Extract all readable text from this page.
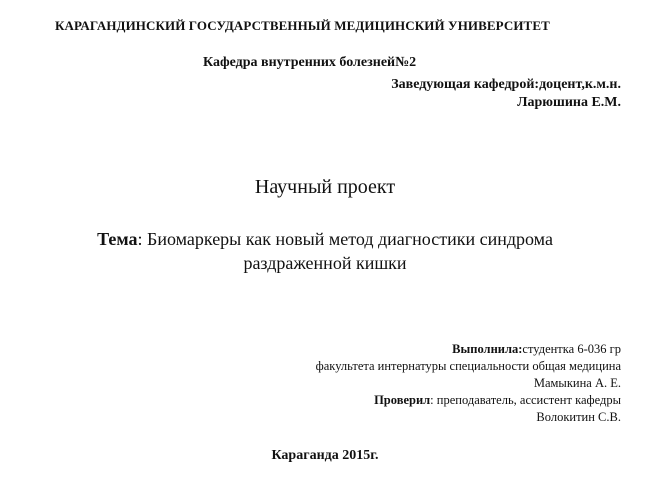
КАРАГАНДИНСКИЙ ГОСУДАРСТВЕННЫЙ МЕДИЦИНСКИЙ УНИВЕРСИТЕТ
Кафедра внутренних болезней№2
Заведующая кафедрой:доцент,к.м.н.
Ларюшина Е.М.
Научный проект
Тема: Биомаркеры как новый метод диагностики синдрома
раздраженной кишки
Выполнила:студентка 6-036 гр
факультета интернатуры специальности общая медицина
Мамыкина А. Е.
Проверил: преподаватель, ассистент кафедры
Волокитин С.В.
Караганда 2015г.
